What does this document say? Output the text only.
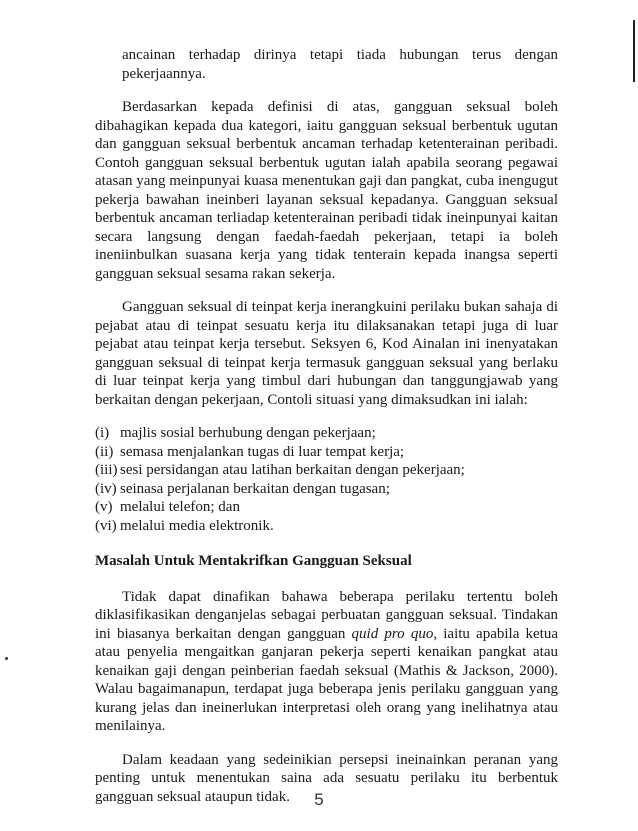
ancainan terhadap dirinya tetapi tiada hubungan terus dengan pekerjaannya.

Berdasarkan kepada definisi di atas, gangguan seksual boleh dibahagikan kepada dua kategori, iaitu gangguan seksual berbentuk ugutan dan gangguan seksual berbentuk ancaman terhadap ketenterainan peribadi. Contoh gangguan seksual berbentuk ugutan ialah apabila seorang pegawai atasan yang meinpunyai kuasa menentukan gaji dan pangkat, cuba inengugut pekerja bawahan ineinberi layanan seksual kepadanya. Gangguan seksual berbentuk ancaman terliadap ketenterainan peribadi tidak ineinpunyai kaitan secara langsung dengan faedah-faedah pekerjaan, tetapi ia boleh ineniinbulkan suasana kerja yang tidak tenterain kepada inangsa seperti gangguan seksual sesama rakan sekerja.

Gangguan seksual di teinpat kerja inerangkuini perilaku bukan sahaja di pejabat atau di teinpat sesuatu kerja itu dilaksanakan tetapi juga di luar pejabat atau teinpat kerja tersebut. Seksyen 6, Kod Ainalan ini inenyatakan gangguan seksual di teinpat kerja termasuk gangguan seksual yang berlaku di luar teinpat kerja yang timbul dari hubungan dan tanggungjawab yang berkaitan dengan pekerjaan, Contoli situasi yang dimaksudkan ini ialah:

(i) majlis sosial berhubung dengan pekerjaan;
(ii) semasa menjalankan tugas di luar tempat kerja;
(iii) sesi persidangan atau latihan berkaitan dengan pekerjaan;
(iv) seinasa perjalanan berkaitan dengan tugasan;
(v) melalui telefon; dan
(vi) melalui media elektronik.
Masalah Untuk Mentakrifkan Gangguan Seksual

Tidak dapat dinafikan bahawa beberapa perilaku tertentu boleh diklasifikasikan denganjelas sebagai perbuatan gangguan seksual. Tindakan ini biasanya berkaitan dengan gangguan quid pro quo, iaitu apabila ketua atau penyelia mengaitkan ganjaran pekerja seperti kenaikan pangkat atau kenaikan gaji dengan peinberian faedah seksual (Mathis & Jackson, 2000). Walau bagaimanapun, terdapat juga beberapa jenis perilaku gangguan yang kurang jelas dan ineinerlukan interpretasi oleh orang yang inelihatnya atau menilainya.

Dalam keadaan yang sedeinikian persepsi ineinainkan peranan yang penting untuk menentukan saina ada sesuatu perilaku itu berbentuk gangguan seksual ataupun tidak.	5
